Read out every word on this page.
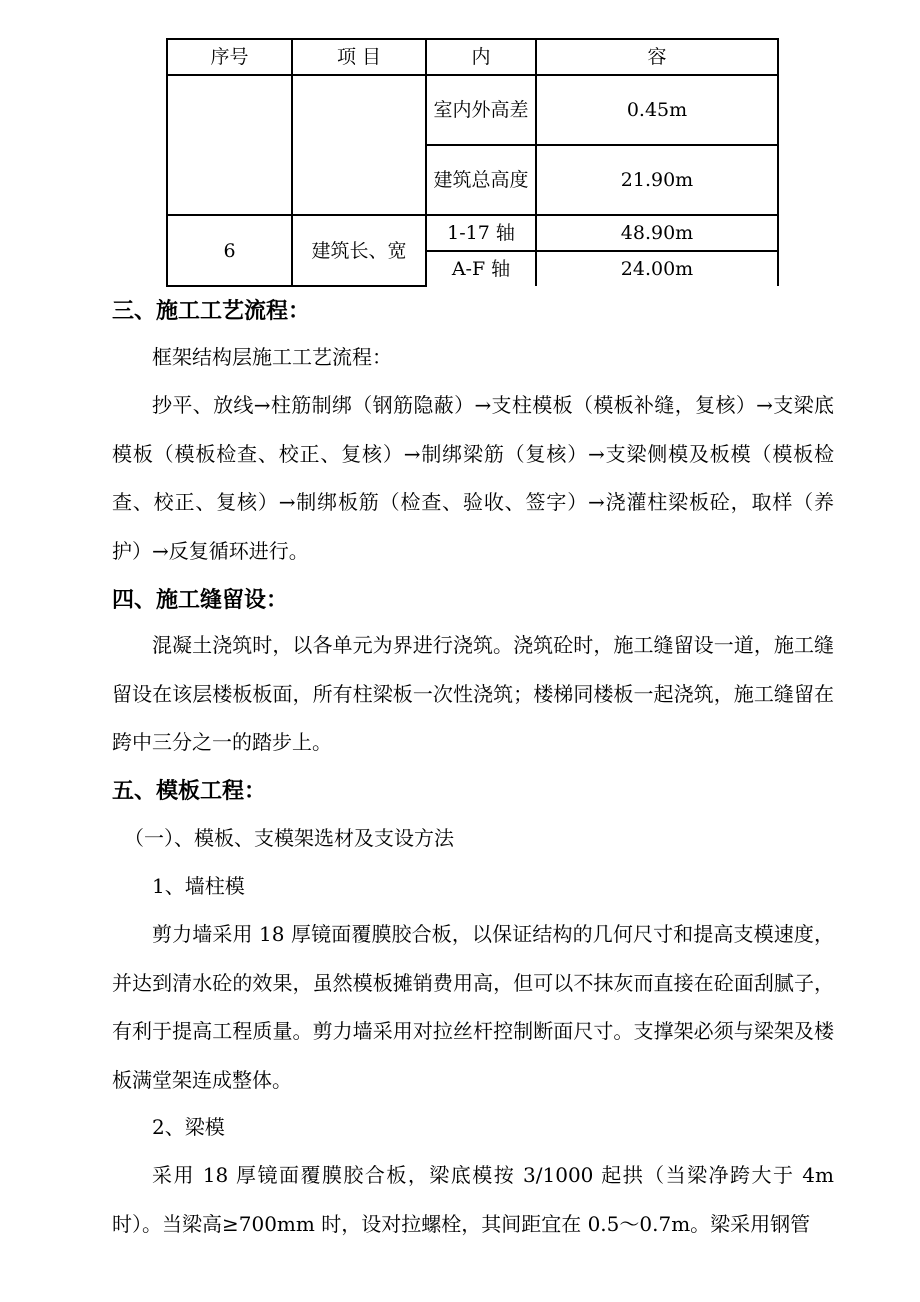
序号	项 目	内	容
		室内外高差	0.45m
		建筑总高度	21.90m
6	建筑长、宽	1-17 轴	48.90m
		A-F 轴	24.00m
三、施工工艺流程：
框架结构层施工工艺流程：

抄平、放线→柱筋制绑（钢筋隐蔽）→支柱模板（模板补缝，复核）→支梁底模板（模板检查、校正、复核）→制绑梁筋（复核）→支梁侧模及板模（模板检查、校正、复核）→制绑板筋（检查、验收、签字）→浇灌柱梁板砼，取样（养护）→反复循环进行。

四、施工缝留设：

混凝土浇筑时，以各单元为界进行浇筑。浇筑砼时，施工缝留设一道，施工缝留设在该层楼板板面，所有柱梁板一次性浇筑；楼梯同楼板一起浇筑，施工缝留在跨中三分之一的踏步上。

五、模板工程：
（一）、模板、支模架选材及支设方法
1、墙柱模

剪力墙采用 18 厚镜面覆膜胶合板，以保证结构的几何尺寸和提高支模速度，并达到清水砼的效果，虽然模板摊销费用高，但可以不抹灰而直接在砼面刮腻子，有利于提高工程质量。剪力墙采用对拉丝杆控制断面尺寸。支撑架必须与梁架及楼板满堂架连成整体。

2、梁模

采用 18 厚镜面覆膜胶合板，梁底模按 3/1000 起拱（当梁净跨大于 4m 时）。当梁高≥700mm 时，设对拉螺栓，其间距宜在 0.5～0.7m。梁采用钢管
